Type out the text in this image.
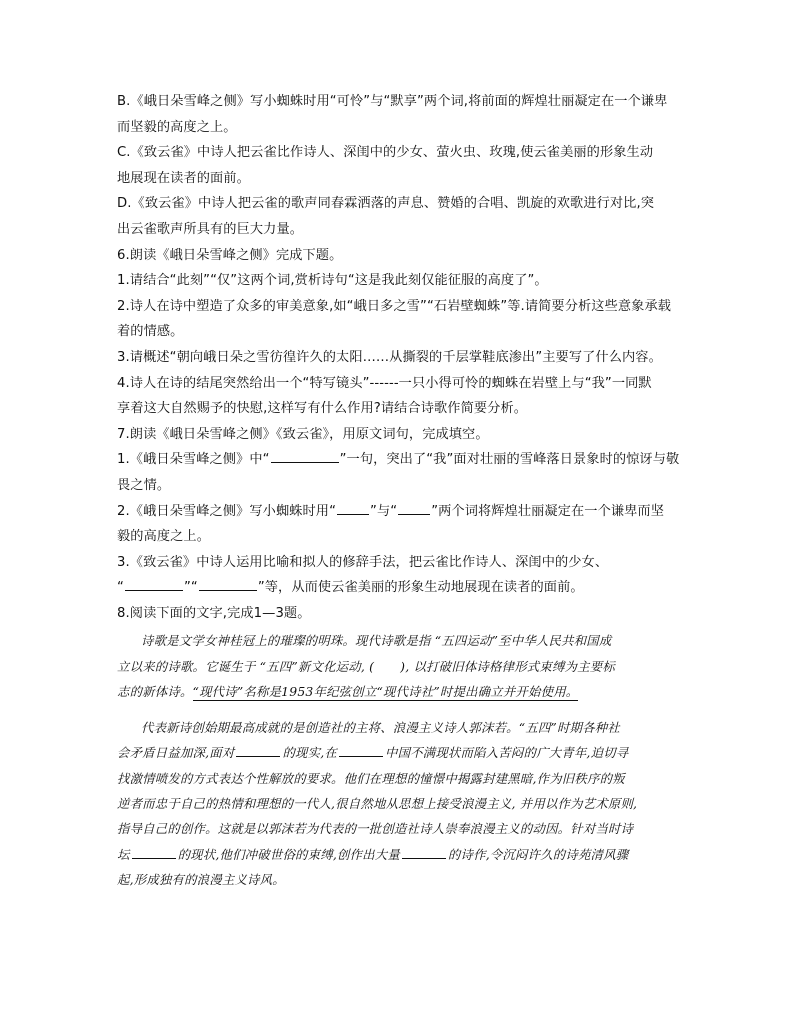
B.《峨日朵雪峰之侧》写小蜘蛛时用“可怜”与“默享”两个词,将前面的辉煌壮丽凝定在一个谦卑
而坚毅的高度之上。
C.《致云雀》中诗人把云雀比作诗人、深闺中的少女、萤火虫、玫瑰,使云雀美丽的形象生动
地展现在读者的面前。
D.《致云雀》中诗人把云雀的歌声同春霖洒落的声息、赞婚的合唱、凯旋的欢歌进行对比,突
出云雀歌声所具有的巨大力量。
6.朗读《峨日朵雪峰之侧》完成下题。
1.请结合“此刻”“仅”这两个词,赏析诗句“这是我此刻仅能征服的高度了”。
2.诗人在诗中塑造了众多的审美意象,如“峨日多之雪”“石岩壁蜘蛛”等.请简要分析这些意象承载
着的情感。
3.请概述“朝向峨日朵之雪彷徨许久的太阳……从撕裂的千层掌鞋底渗出”主要写了什么内容。
4.诗人在诗的结尾突然给出一个“特写镜头”------一只小得可怜的蜘蛛在岩壁上与“我”一同默
享着这大自然赐予的快慰,这样写有什么作用?请结合诗歌作简要分析。
7.朗读《峨日朵雪峰之侧》《致云雀》，用原文词句，完成填空。
1.《峨日朵雪峰之侧》中“	”一句，突出了“我”面对壮丽的雪峰落日景象时的惊讶与敬
畏之情。
2.《峨日朵雪峰之侧》写小蜘蛛时用“	”与“	”两个词将辉煌壮丽凝定在一个谦卑而坚
毅的高度之上。
3.《致云雀》中诗人运用比喻和拟人的修辞手法，把云雀比作诗人、深闺中的少女、
“	”“	”等，从而使云雀美丽的形象生动地展现在读者的面前。
8.阅读下面的文字,完成1—3题。
诗歌是文学女神桂冠上的璀璨的明珠。现代诗歌是指 “五四运动”至中华人民共和国成
立以来的诗歌。它诞生于 “五四”新文化运动, ( ), 以打破旧体诗格律形式束缚为主要标
志的新体诗。“现代诗”名称是1953年纪弦创立“现代诗社”时提出确立并开始使用。
代表新诗创始期最高成就的是创造社的主将、浪漫主义诗人郭沫若。“五四”时期各种社
会矛盾日益加深,面对	的现实,在	中国不满现状而陷入苦闷的广大青年,迫切寻
找激情喷发的方式表达个性解放的要求。他们在理想的憧憬中揭露封建黑暗,作为旧秩序的叛
逆者而忠于自己的热情和理想的一代人,很自然地从思想上接受浪漫主义, 并用以作为艺术原则,
指导自己的创作。这就是以郭沫若为代表的一批创造社诗人崇奉浪漫主义的动因。针对当时诗
坛	的现状,他们冲破世俗的束缚,创作出大量	的诗作,令沉闷许久的诗苑清风骤
起,形成独有的浪漫主义诗风。
